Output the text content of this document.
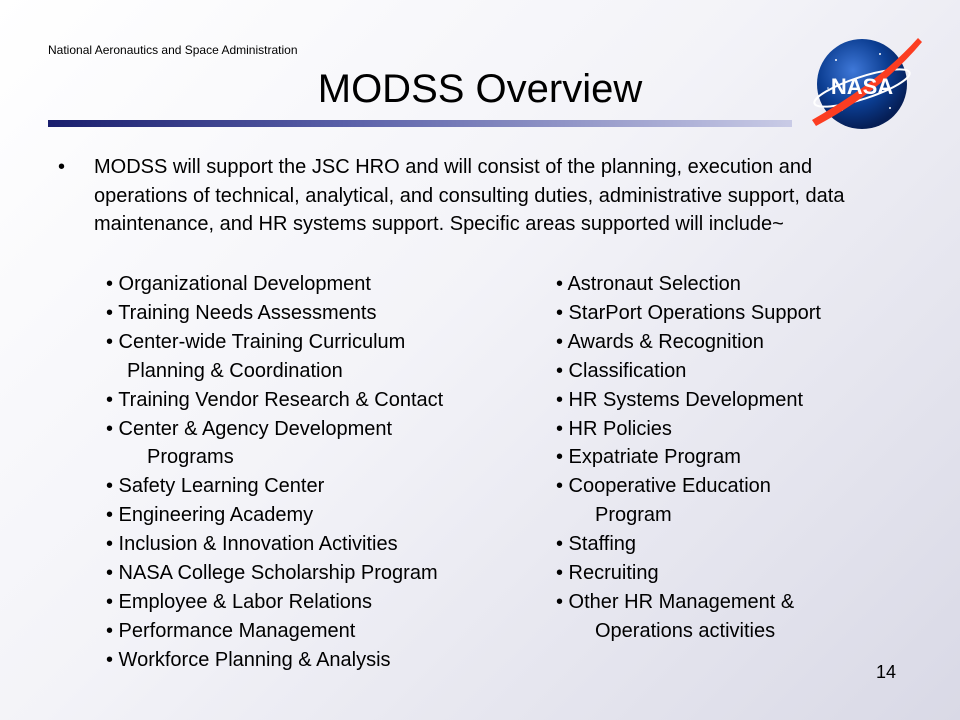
National Aeronautics and Space Administration
MODSS Overview	NASA
• MODSS will support the JSC HRO and will consist of the planning, execution and operations of technical, analytical, and consulting duties, administrative support, data maintenance, and HR systems support. Specific areas supported will include~
• Organizational Development
• Training Needs Assessments
• Center-wide Training Curriculum
Planning & Coordination
• Training Vendor Research & Contact
• Center & Agency Development
Programs
• Safety Learning Center
• Engineering Academy
• Inclusion & Innovation Activities
• NASA College Scholarship Program
• Employee & Labor Relations
• Performance Management
• Workforce Planning & Analysis
• Astronaut Selection
• StarPort Operations Support
• Awards & Recognition
• Classification
• HR Systems Development
• HR Policies
• Expatriate Program
• Cooperative Education
Program
• Staffing
• Recruiting
• Other HR Management &
Operations activities
14
